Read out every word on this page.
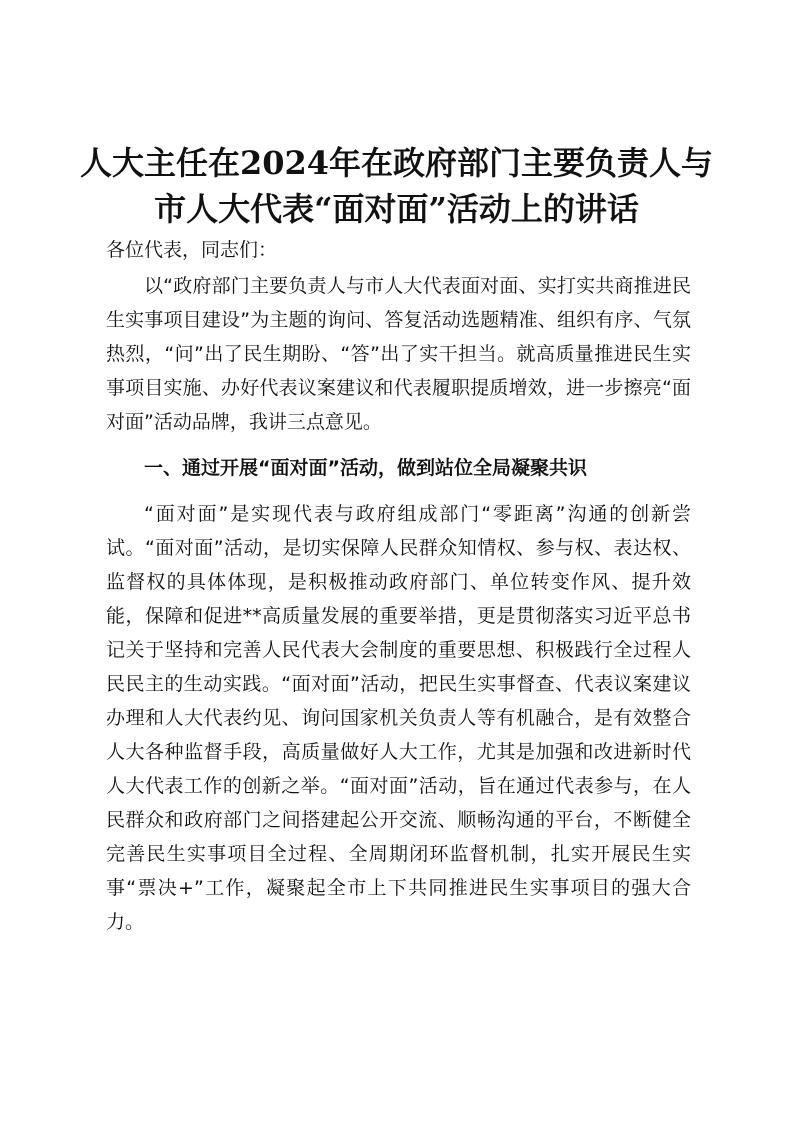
人大主任在2024年在政府部门主要负责人与
市人大代表“面对面”活动上的讲话
各位代表，同志们：

以“政府部门主要负责人与市人大代表面对面、实打实共商推进民生实事项目建设”为主题的询问、答复活动选题精准、组织有序、气氛热烈，“问”出了民生期盼、“答”出了实干担当。就高质量推进民生实事项目实施、办好代表议案建议和代表履职提质增效，进一步擦亮“面对面”活动品牌，我讲三点意见。

一、通过开展“面对面”活动，做到站位全局凝聚共识

“面对面”是实现代表与政府组成部门“零距离”沟通的创新尝试。“面对面”活动，是切实保障人民群众知情权、参与权、表达权、监督权的具体体现，是积极推动政府部门、单位转变作风、提升效能，保障和促进**高质量发展的重要举措，更是贯彻落实习近平总书记关于坚持和完善人民代表大会制度的重要思想、积极践行全过程人民民主的生动实践。“面对面”活动，把民生实事督查、代表议案建议办理和人大代表约见、询问国家机关负责人等有机融合，是有效整合人大各种监督手段，高质量做好人大工作，尤其是加强和改进新时代人大代表工作的创新之举。“面对面”活动，旨在通过代表参与，在人民群众和政府部门之间搭建起公开交流、顺畅沟通的平台，不断健全完善民生实事项目全过程、全周期闭环监督机制，扎实开展民生实事“票决+”工作，凝聚起全市上下共同推进民生实事项目的强大合力。
